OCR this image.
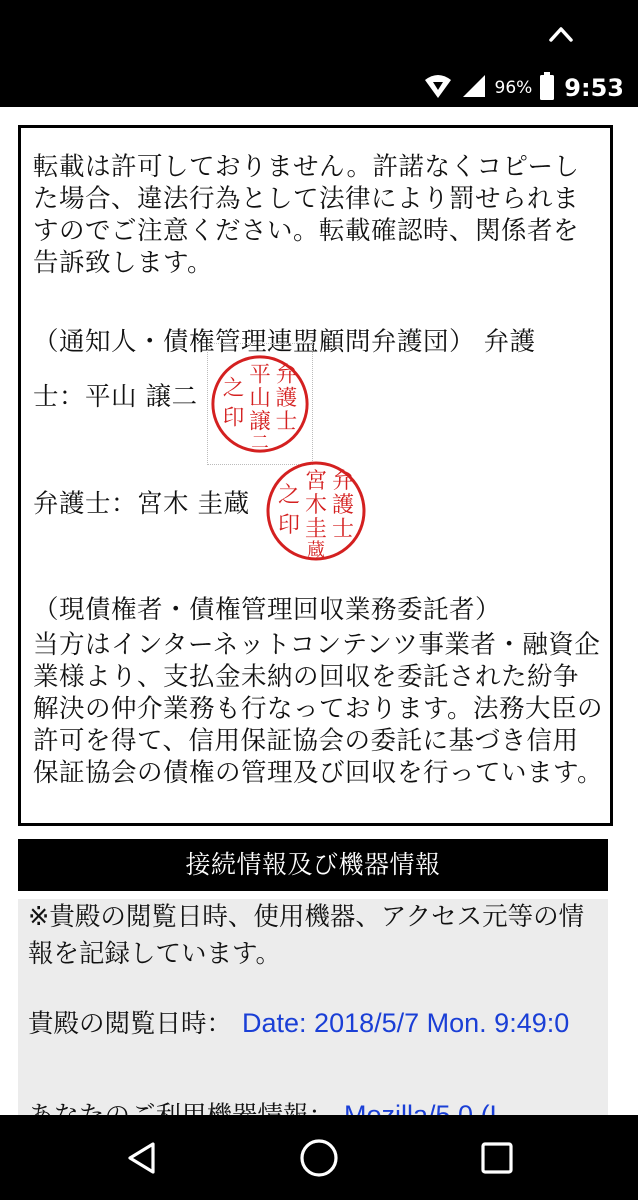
96% 9:53

転載は許可しておりません。許諾なくコピーした場合、違法行為として法律により罰せられますのでご注意ください。転載確認時、関係者を告訴致します。

（通知人・債権管理連盟顧問弁護団） 弁護

士：平山 譲二

弁護士：宮木 圭蔵

（現債権者・債権管理回収業務委託者）

当方はインターネットコンテンツ事業者・融資企業様より、支払金未納の回収を委託された紛争解決の仲介業務も行なっております。法務大臣の許可を得て、信用保証協会の委託に基づき信用保証協会の債権の管理及び回収を行っています。

弁
護
士
平
山
譲
二
之
印
弁
護
士
宮
木
圭
蔵
之
印
接続情報及び機器情報
※貴殿の閲覧日時、使用機器、アクセス元等の情報を記録しています。
貴殿の閲覧日時： Date: 2018/5/7 Mon. 9:49:0
